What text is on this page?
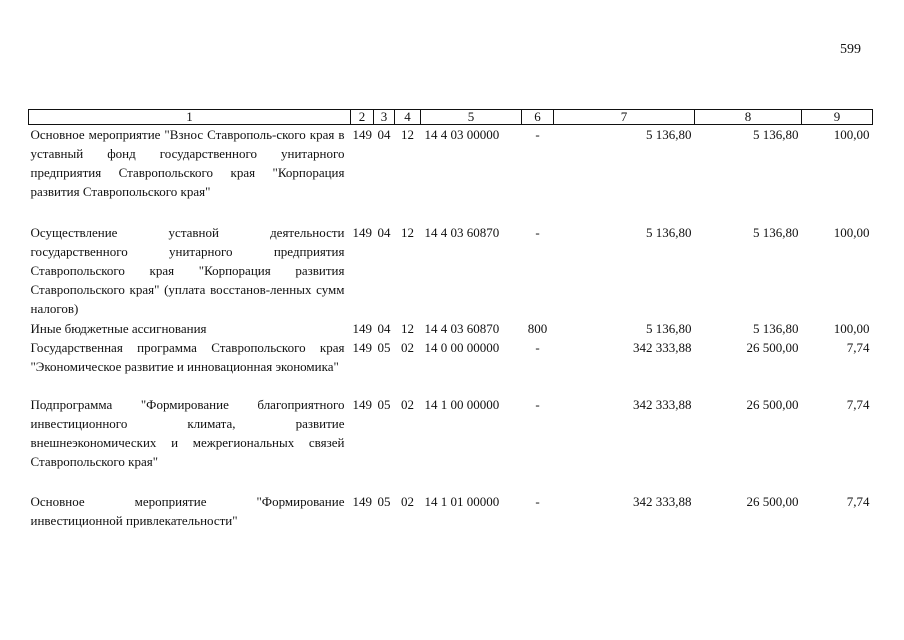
599
1	2	3	4	5	6	7	8	9
Основное мероприятие "Взнос Ставрополь-ского края в уставный фонд государственного унитарного предприятия Ставропольского края "Корпорация развития Ставропольского края"	149	04	12	14 4 03 00000	-	5 136,80	5 136,80	100,00
Осуществление уставной деятельности государственного унитарного предприятия Ставропольского края "Корпорация развития Ставропольского края" (уплата восстанов-ленных сумм налогов)	149	04	12	14 4 03 60870	-	5 136,80	5 136,80	100,00
Иные бюджетные ассигнования	149	04	12	14 4 03 60870	800	5 136,80	5 136,80	100,00
Государственная программа Ставропольского края "Экономическое развитие и инновационная экономика"	149	05	02	14 0 00 00000	-	342 333,88	26 500,00	7,74
Подпрограмма "Формирование благоприятного инвестиционного климата, развитие внешнеэкономических и межрегиональных связей Ставропольского края"	149	05	02	14 1 00 00000	-	342 333,88	26 500,00	7,74
Основное мероприятие "Формирование инвестиционной привлекательности"	149	05	02	14 1 01 00000	-	342 333,88	26 500,00	7,74
